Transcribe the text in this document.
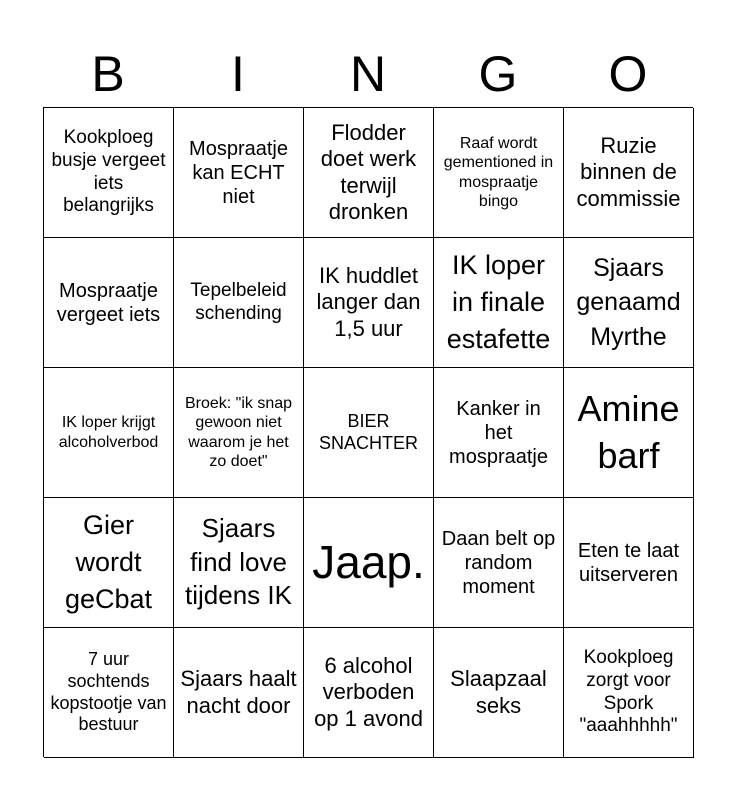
B	I	N	G	O
Kookploeg busje vergeet iets belangrijks
Mospraatje kan ECHT niet
Flodder doet werk terwijl dronken
Raaf wordt gementioned in mospraatje bingo
Ruzie binnen de commissie
Mospraatje vergeet iets
Tepelbeleid schending
IK huddlet langer dan 1,5 uur
IK loper in finale estafette
Sjaars genaamd Myrthe
IK loper krijgt alcoholverbod
Broek: "ik snap gewoon niet waarom je het zo doet"
BIER SNACHTER
Kanker in het mospraatje
Amine barf
Gier wordt geCbat
Sjaars find love tijdens IK
Jaap. Daan belt op random moment
Eten te laat uitserveren
7 uur sochtends kopstootje van bestuur
Sjaars haalt nacht door
6 alcohol verboden op 1 avond
Slaapzaal seks
Kookploeg zorgt voor Spork "aaahhhhh"
